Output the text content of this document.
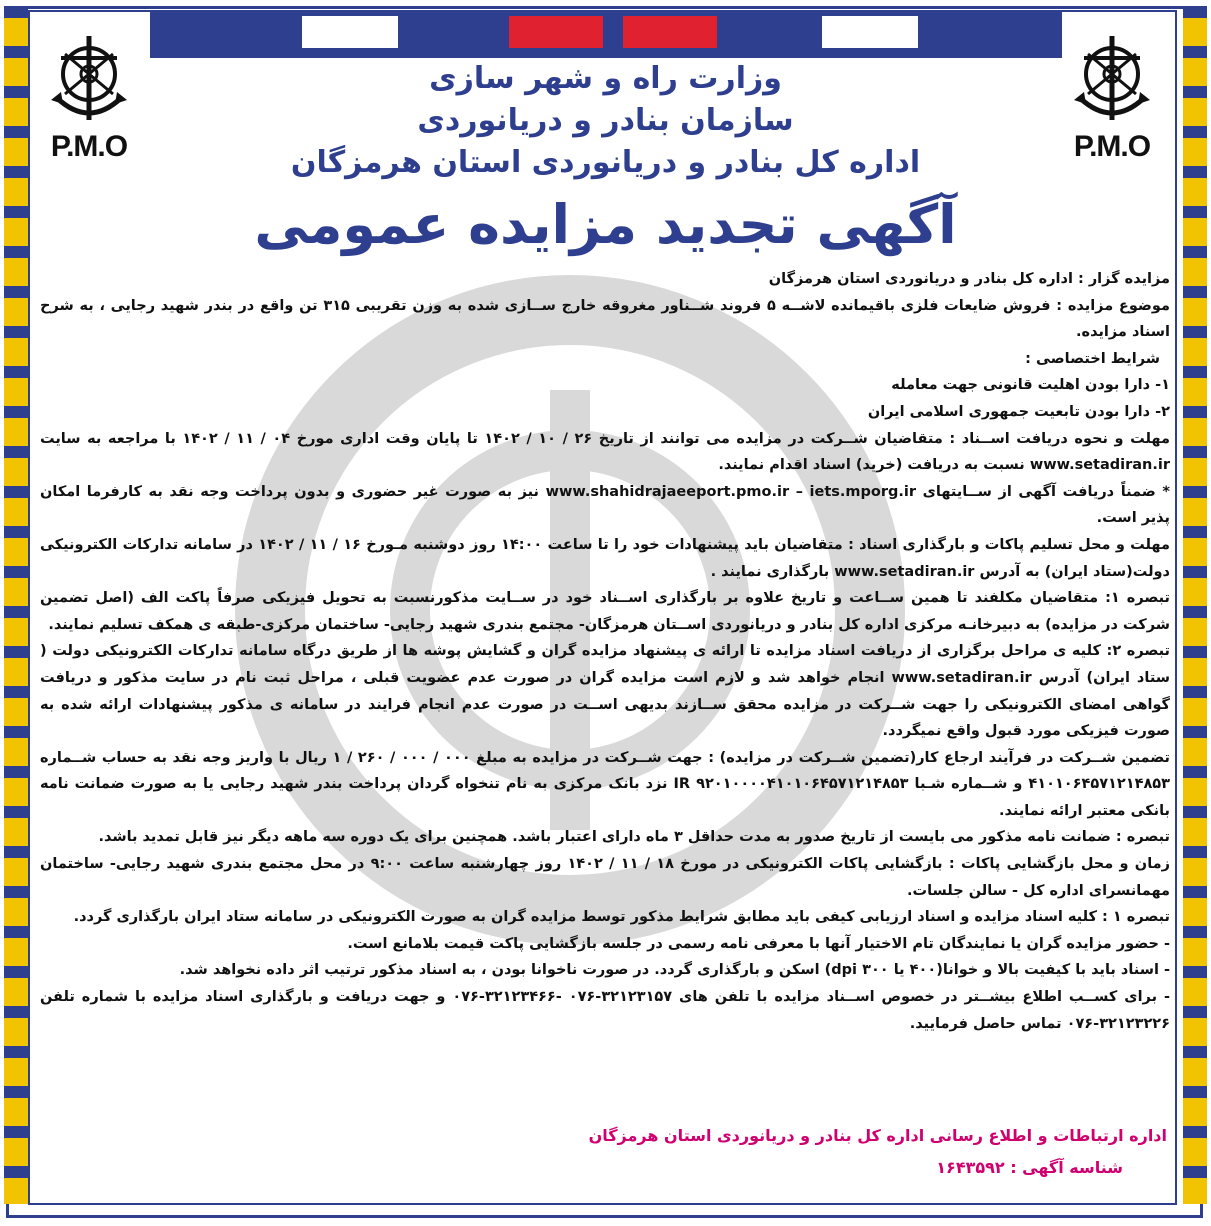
P.M.O	P.M.O
وزارت راه و شهر سازی
سازمان بنادر و دریانوردی
اداره کل بنادر و دریانوردی استان هرمزگان
آگهی تجدید مزایده عمومی

مزایده گزار : اداره کل بنادر و دریانوردی استان هرمزگان

موضوع مزایده : فروش ضایعات فلزی باقیمانده لاشــه ۵ فروند شــناور مغروقه خارج ســازی شده به وزن تقریبی ۳۱۵ تن واقع در بندر شهید رجایی ، به شرح اسناد مزایده.

شرایط اختصاصی :

۱- دارا بودن اهلیت قانونی جهت معامله

۲- دارا بودن تابعیت جمهوری اسلامی ایران

مهلت و نحوه دریافت اســناد : متقاضیان شــرکت در مزایده می توانند از تاریخ ۲۶ / ۱۰ / ۱۴۰۲ تا پایان وقت اداری مورخ ۰۴ / ۱۱ / ۱۴۰۲ با مراجعه به سایت www.setadiran.ir نسبت به دریافت (خرید) اسناد اقدام نمایند.

* ضمناً دریافت آگهی از ســایتهای www.shahidrajaeeport.pmo.ir – iets.mporg.ir نیز به صورت غیر حضوری و بدون پرداخت وجه نقد به کارفرما امکان پذیر است.

مهلت و محل تسلیم پاکات و بارگذاری اسناد : متقاضیان باید پیشنهادات خود را تا ساعت ۱۴:۰۰ روز دوشنبه مـورخ ۱۶ / ۱۱ / ۱۴۰۲ در سامانه تدارکات الکترونیکی دولت(ستاد ایران) به آدرس www.setadiran.ir بارگذاری نمایند .

تبصره ۱: متقاضیان مکلفند تا همین ســاعت و تاریخ علاوه بر بارگذاری اســناد خود در ســایت مذکورنسبت به تحویل فیزیکی صرفاً پاکت الف (اصل تضمین شرکت در مزایده) به دبیرخانـه مرکزی اداره کل بنادر و دریانوردی اســتان هرمزگان- مجتمع بندری شهید رجایی- ساختمان مرکزی-طبقه ی همکف تسلیم نمایند.

تبصره ۲: کلیه ی مراحل برگزاری از دریافت اسناد مزایده تا ارائه ی پیشنهاد مزایده گران و گشایش پوشه ها از طریق درگاه سامانه تدارکات الکترونیکی دولت ( ستاد ایران) آدرس www.setadiran.ir انجام خواهد شد و لازم است مزایده گران در صورت عدم عضویت قبلی ، مراحل ثبت نام در سایت مذکور و دریافت گواهی امضای الکترونیکی را جهت شــرکت در مزایده محقق ســازند بدیهی اســت در صورت عدم انجام فرایند در سامانه ی مذکور پیشنهادات ارائه شده به صورت فیزیکی مورد قبول واقع نمیگردد.

تضمین شــرکت در فرآیند ارجاع کار(تضمین شــرکت در مزایده) : جهت شــرکت در مزایده به مبلغ ۰۰۰ / ۰۰۰ / ۲۶۰ / ۱ ریال با واریز وجه نقد به حساب شــماره ۴۱۰۱۰۶۴۵۷۱۲۱۴۸۵۳ و شــماره شـبا IR ۹۲۰۱۰۰۰۰۴۱۰۱۰۶۴۵۷۱۲۱۴۸۵۳ نزد بانک مرکزی به نام تنخواه گردان پرداخت بندر شهید رجایی یا به صورت ضمانت نامه بانکی معتبر ارائه نمایند.

تبصره : ضمانت نامه مذکور می بایست از تاریخ صدور به مدت حداقل ۳ ماه دارای اعتبار باشد. همچنین برای یک دوره سه ماهه دیگر نیز قابل تمدید باشد.

زمان و محل بازگشایی پاکات : بازگشایی پاکات الکترونیکی در مورخ ۱۸ / ۱۱ / ۱۴۰۲ روز چهارشنبه ساعت ۹:۰۰ در محل مجتمع بندری شهید رجایی- ساختمان مهمانسرای اداره کل - سالن جلسات.

تبصره ۱ : کلیه اسناد مزایده و اسناد ارزیابی کیفی باید مطابق شرایط مذکور توسط مزایده گران به صورت الکترونیکی در سامانه ستاد ایران بارگذاری گردد.

- حضور مزایده گران یا نمایندگان تام الاختیار آنها با معرفی نامه رسمی در جلسه بازگشایی پاکت قیمت بلامانع است.

- اسناد باید با کیفیت بالا و خوانا(۴۰۰ یا ۳۰۰ dpi) اسکن و بارگذاری گردد. در صورت ناخوانا بودن ، به اسناد مذکور ترتیب اثر داده نخواهد شد.

- برای کســب اطلاع بیشــتر در خصوص اســناد مزایده با تلفن های ۳۲۱۲۳۱۵۷-۰۷۶ -۳۲۱۲۳۴۶۶-۰۷۶ و جهت دریافت و بارگذاری اسناد مزایده با شماره تلفن ۳۲۱۲۳۲۲۶-۰۷۶ تماس حاصل فرمایید.

اداره ارتباطات و اطلاع رسانی اداره کل بنادر و دریانوردی استان هرمزگان
شناسه آگهی : ۱۶۴۳۵۹۲
